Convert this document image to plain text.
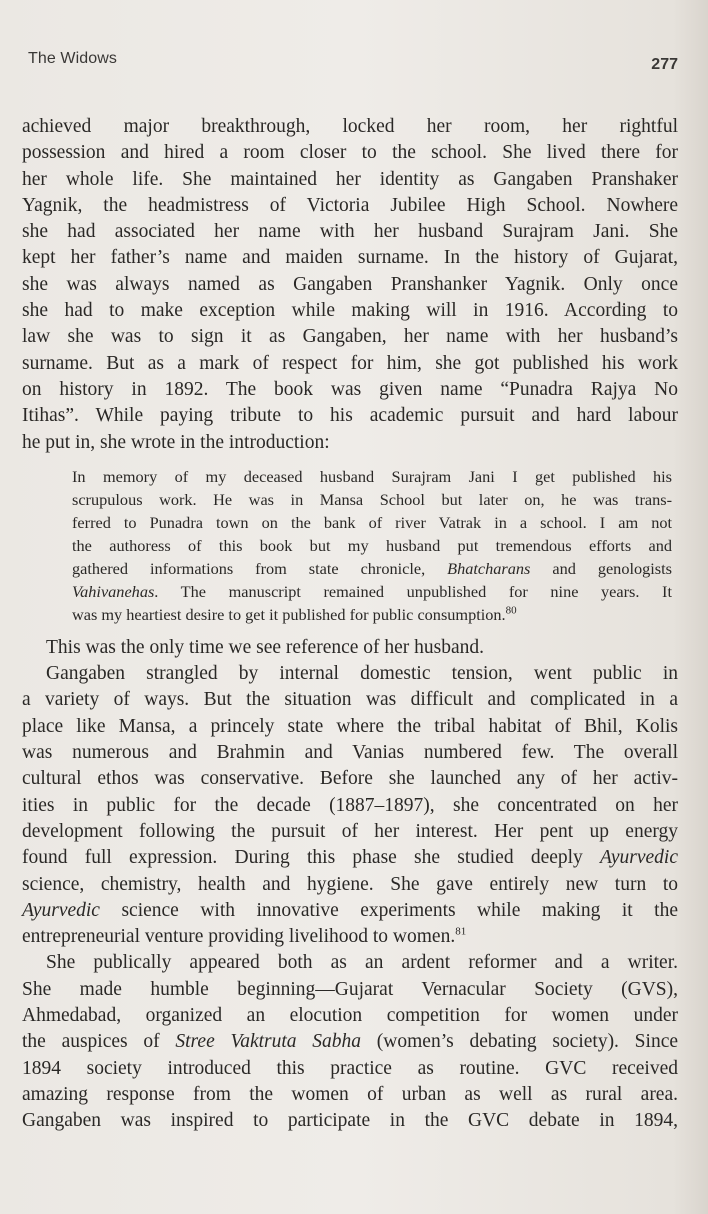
The Widows	277

achieved major breakthrough, locked her room, her rightful
possession and hired a room closer to the school. She lived there for
her whole life. She maintained her identity as Gangaben Pranshaker
Yagnik, the headmistress of Victoria Jubilee High School. Nowhere
she had associated her name with her husband Surajram Jani. She
kept her father’s name and maiden surname. In the history of Gujarat,
she was always named as Gangaben Pranshanker Yagnik. Only once
she had to make exception while making will in 1916. According to
law she was to sign it as Gangaben, her name with her husband’s
surname. But as a mark of respect for him, she got published his work
on history in 1892. The book was given name “Punadra Rajya No
Itihas”. While paying tribute to his academic pursuit and hard labour
he put in, she wrote in the introduction:

In memory of my deceased husband Surajram Jani I get published his
scrupulous work. He was in Mansa School but later on, he was trans-
ferred to Punadra town on the bank of river Vatrak in a school. I am not
the authoress of this book but my husband put tremendous efforts and
gathered informations from state chronicle, Bhatcharans and genologists
Vahivanehas. The manuscript remained unpublished for nine years. It
was my heartiest desire to get it published for public consumption.$^{80}$

This was the only time we see reference of her husband.

Gangaben strangled by internal domestic tension, went public in
a variety of ways. But the situation was difficult and complicated in a
place like Mansa, a princely state where the tribal habitat of Bhil, Kolis
was numerous and Brahmin and Vanias numbered few. The overall
cultural ethos was conservative. Before she launched any of her activ-
ities in public for the decade (1887–1897), she concentrated on her
development following the pursuit of her interest. Her pent up energy
found full expression. During this phase she studied deeply Ayurvedic
science, chemistry, health and hygiene. She gave entirely new turn to
Ayurvedic science with innovative experiments while making it the
entrepreneurial venture providing livelihood to women.$^{81}$

She publically appeared both as an ardent reformer and a writer.
She made humble beginning—Gujarat Vernacular Society (GVS),
Ahmedabad, organized an elocution competition for women under
the auspices of Stree Vaktruta Sabha (women’s debating society). Since
1894 society introduced this practice as routine. GVC received
amazing response from the women of urban as well as rural area.
Gangaben was inspired to participate in the GVC debate in 1894,
